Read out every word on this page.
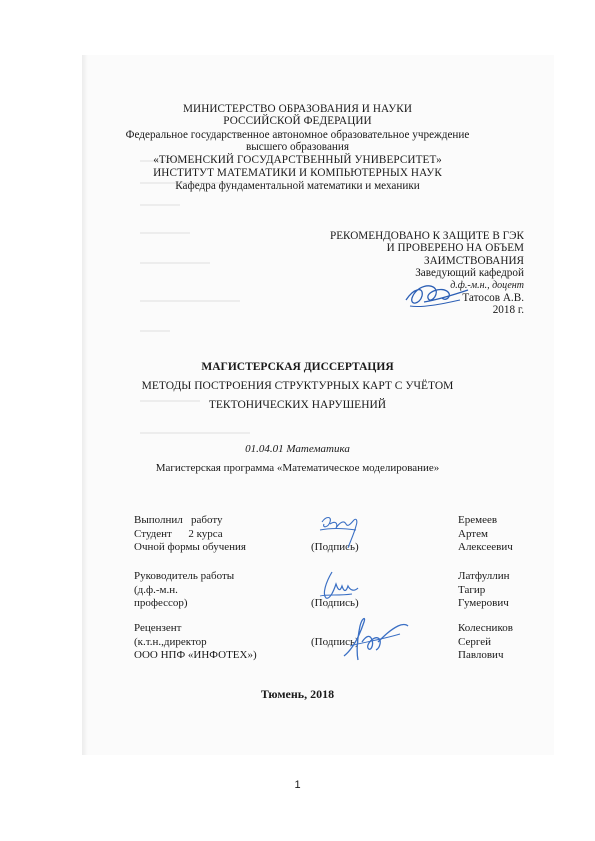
МИНИСТЕРСТВО ОБРАЗОВАНИЯ И НАУКИ
РОССИЙСКОЙ ФЕДЕРАЦИИ
Федеральное государственное автономное образовательное учреждение
высшего образования
«ТЮМЕНСКИЙ ГОСУДАРСТВЕННЫЙ УНИВЕРСИТЕТ»
ИНСТИТУТ МАТЕМАТИКИ И КОМПЬЮТЕРНЫХ НАУК
Кафедра фундаментальной математики и механики
РЕКОМЕНДОВАНО К ЗАЩИТЕ В ГЭК
И ПРОВЕРЕНО НА ОБЪЕМ
ЗАИМСТВОВАНИЯ
Заведующий кафедрой
д.ф.-м.н., доцент
Татосов А.В.
2018 г.
МАГИСТЕРСКАЯ ДИССЕРТАЦИЯ
МЕТОДЫ ПОСТРОЕНИЯ СТРУКТУРНЫХ КАРТ С УЧЁТОМ
ТЕКТОНИЧЕСКИХ НАРУШЕНИЙ
01.04.01 Математика
Магистерская программа «Математическое моделирование»
Выполнил работу
Студент 2 курса
Очной формы обучения	(Подпись)
Еремеев
Артем
Алексеевич
Руководитель работы
(д.ф.-м.н.
профессор)	(Подпись)
Латфуллин
Тагир
Гумерович
Рецензент
(к.т.н.,директор
ООО НПФ «ИНФОТЕХ»)
(Подпись)
Колесников
Сергей
Павлович
Тюмень, 2018
1
